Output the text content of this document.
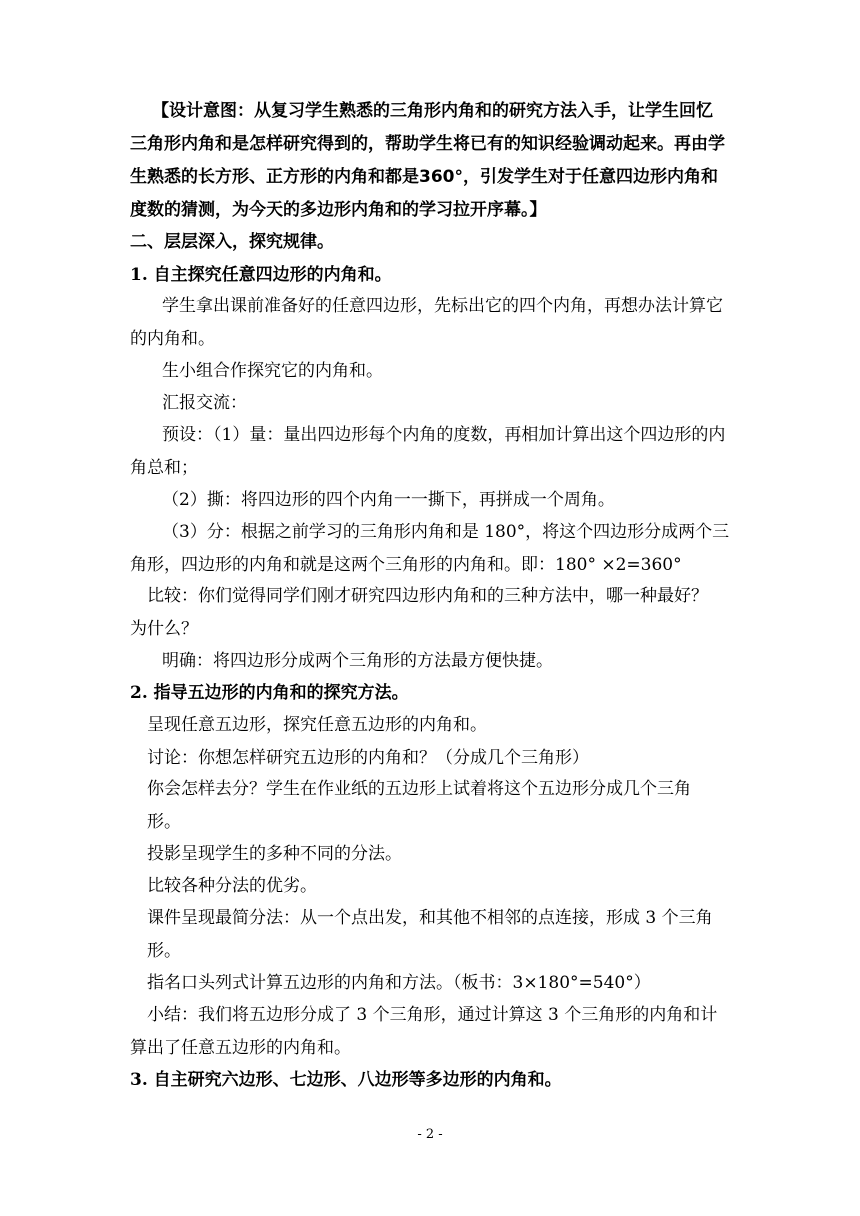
【设计意图：从复习学生熟悉的三角形内角和的研究方法入手，让学生回忆
三角形内角和是怎样研究得到的，帮助学生将已有的知识经验调动起来。再由学
生熟悉的长方形、正方形的内角和都是360°，引发学生对于任意四边形内角和
度数的猜测，为今天的多边形内角和的学习拉开序幕。】
二、层层深入，探究规律。
1. 自主探究任意四边形的内角和。
学生拿出课前准备好的任意四边形，先标出它的四个内角，再想办法计算它
的内角和。
生小组合作探究它的内角和。
汇报交流：
预设：（1）量：量出四边形每个内角的度数，再相加计算出这个四边形的内
角总和；
（2）撕：将四边形的四个内角一一撕下，再拼成一个周角。
（3）分：根据之前学习的三角形内角和是 180°，将这个四边形分成两个三
角形，四边形的内角和就是这两个三角形的内角和。即：180° ×2=360°
比较：你们觉得同学们刚才研究四边形内角和的三种方法中，哪一种最好？
为什么？
明确：将四边形分成两个三角形的方法最方便快捷。
2. 指导五边形的内角和的探究方法。
呈现任意五边形，探究任意五边形的内角和。
讨论：你想怎样研究五边形的内角和？（分成几个三角形）
你会怎样去分？学生在作业纸的五边形上试着将这个五边形分成几个三角
形。
投影呈现学生的多种不同的分法。
比较各种分法的优劣。
课件呈现最简分法：从一个点出发，和其他不相邻的点连接，形成 3 个三角
形。
指名口头列式计算五边形的内角和方法。（板书：3×180°=540°）
小结：我们将五边形分成了 3 个三角形，通过计算这 3 个三角形的内角和计
算出了任意五边形的内角和。
3. 自主研究六边形、七边形、八边形等多边形的内角和。
- 2 -
